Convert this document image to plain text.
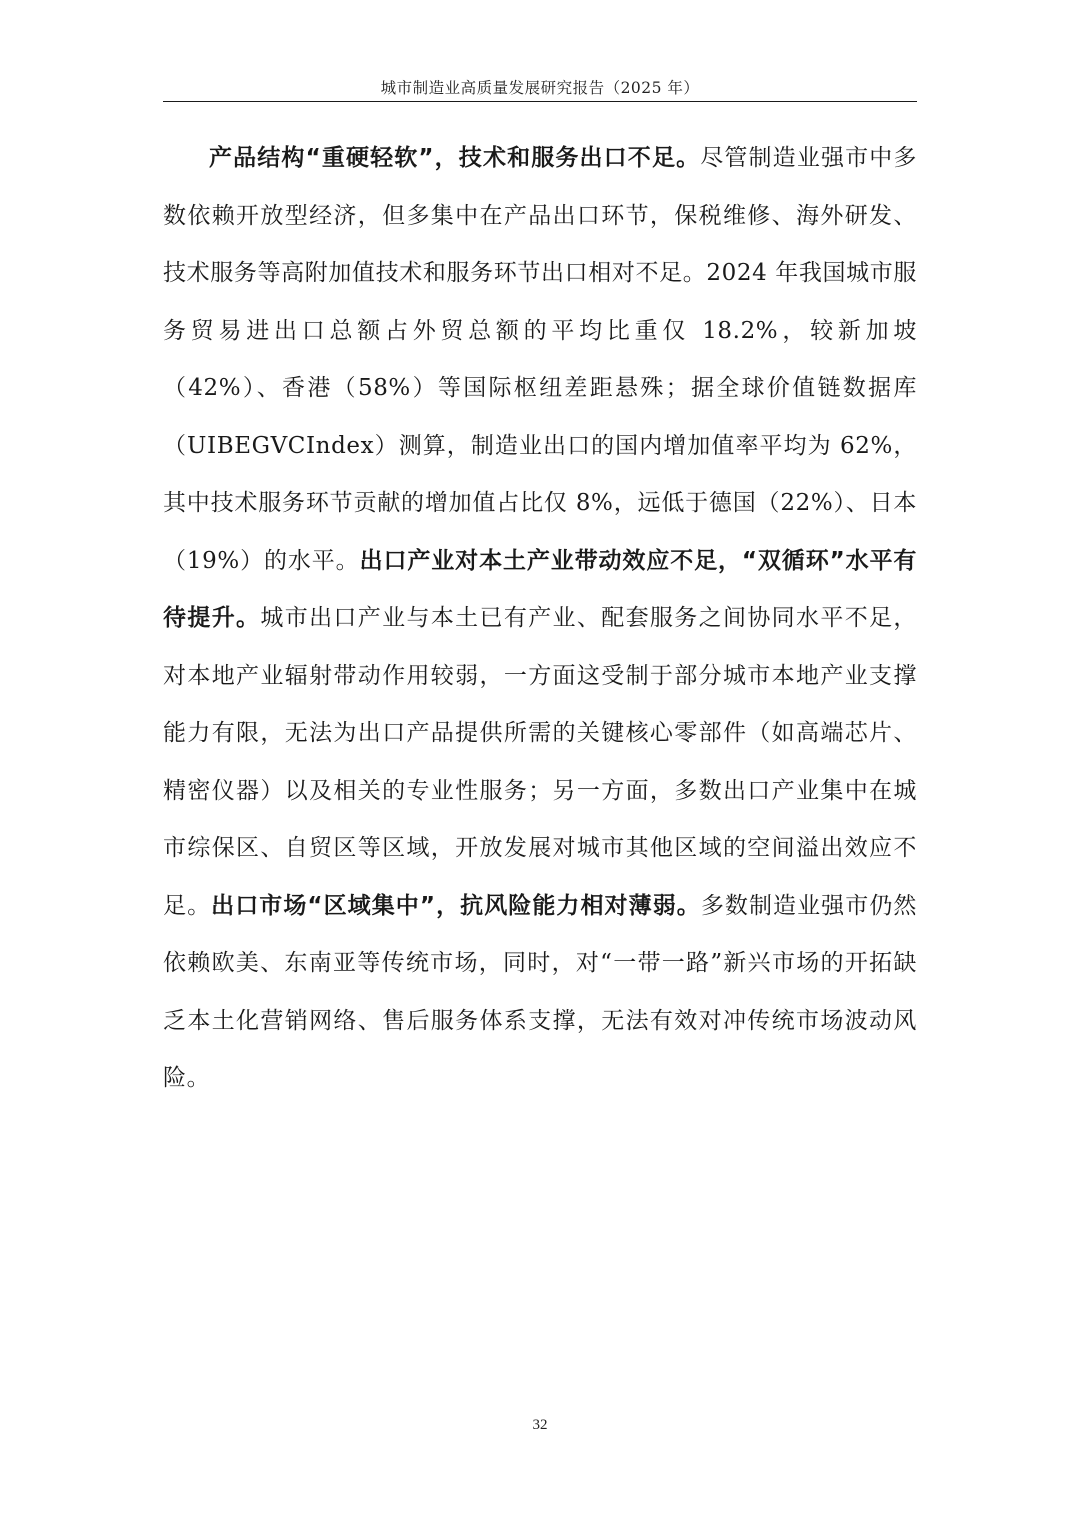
城市制造业高质量发展研究报告（2025 年）

产品结构“重硬轻软”，技术和服务出口不足。尽管制造业强市中多数依赖开放型经济，但多集中在产品出口环节，保税维修、海外研发、技术服务等高附加值技术和服务环节出口相对不足。2024 年我国城市服务贸易进出口总额占外贸总额的平均比重仅 18.2%，较新加坡（42%）、香港（58%）等国际枢纽差距悬殊；据全球价值链数据库（UIBEGVCIndex）测算，制造业出口的国内增加值率平均为 62%，其中技术服务环节贡献的增加值占比仅 8%，远低于德国（22%）、日本（19%）的水平。出口产业对本土产业带动效应不足，“双循环”水平有待提升。城市出口产业与本土已有产业、配套服务之间协同水平不足，对本地产业辐射带动作用较弱，一方面这受制于部分城市本地产业支撑能力有限，无法为出口产品提供所需的关键核心零部件（如高端芯片、精密仪器）以及相关的专业性服务；另一方面，多数出口产业集中在城市综保区、自贸区等区域，开放发展对城市其他区域的空间溢出效应不足。出口市场“区域集中”，抗风险能力相对薄弱。多数制造业强市仍然依赖欧美、东南亚等传统市场，同时，对“一带一路”新兴市场的开拓缺乏本土化营销网络、售后服务体系支撑，无法有效对冲传统市场波动风险。

32
